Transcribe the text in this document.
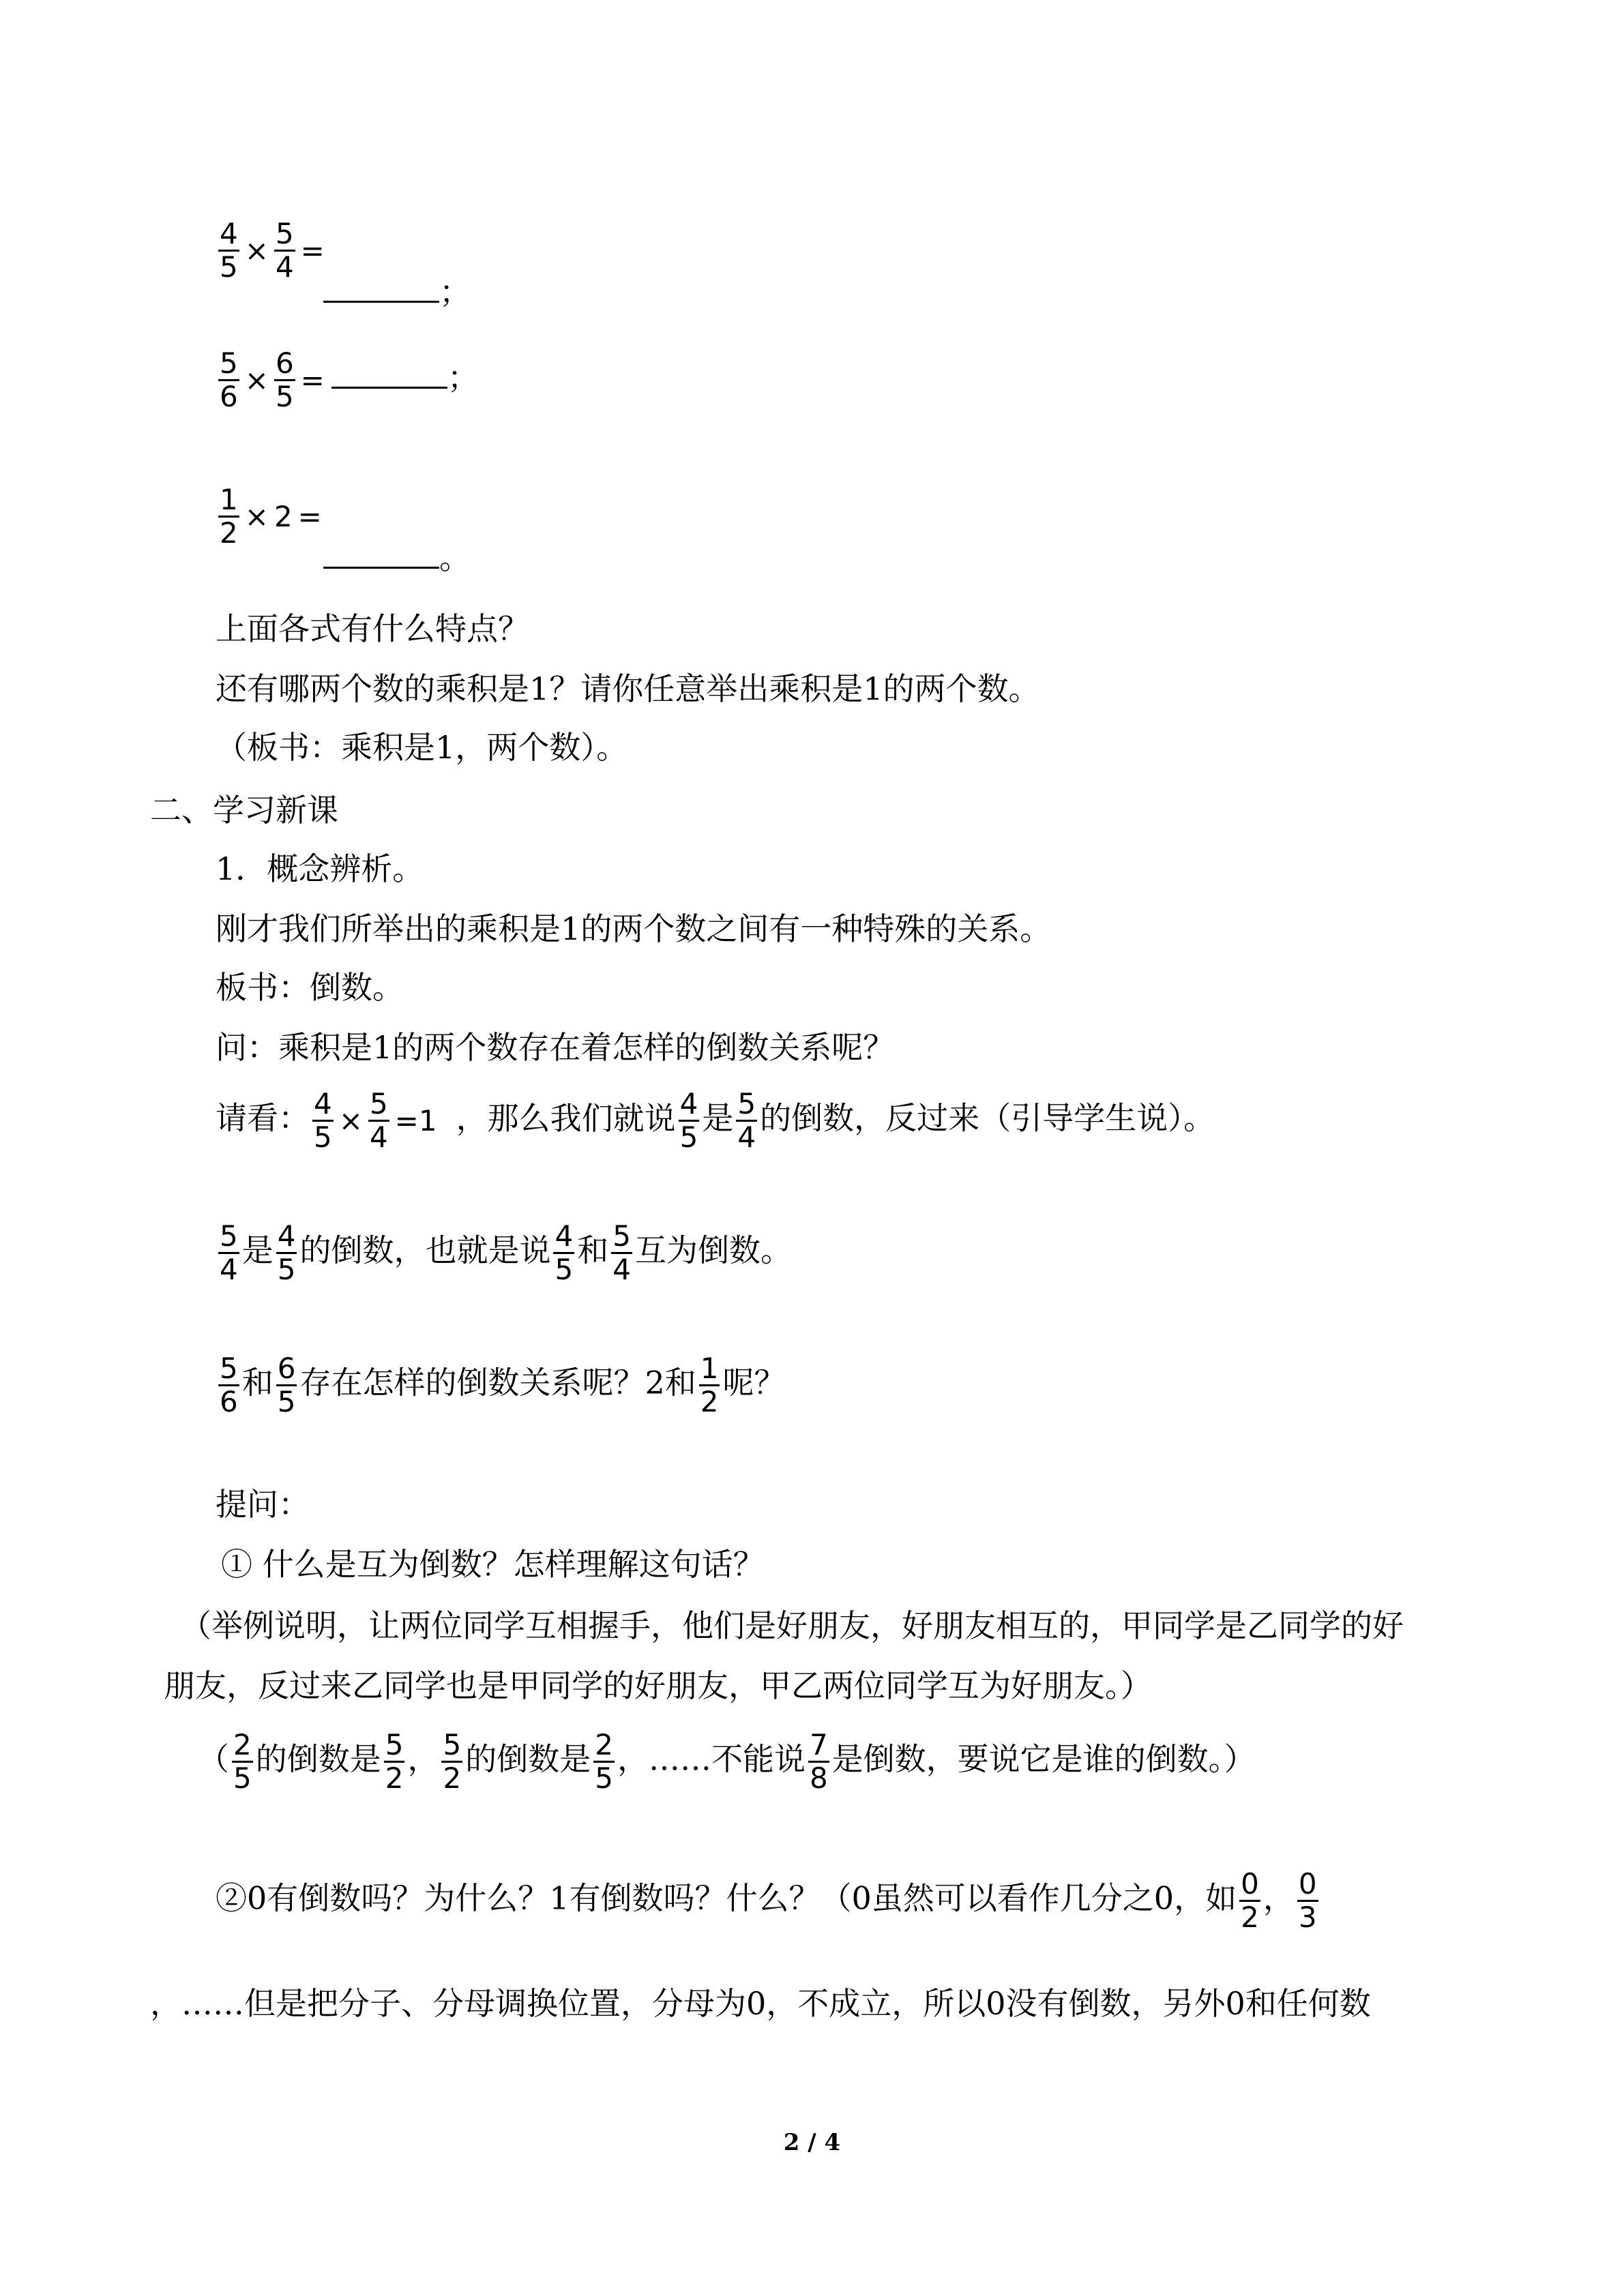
$\frac{4}{5} \times \frac{5}{4}$ =
；
$\frac{5}{6} \times \frac{6}{5}$ =	；
$\frac{1}{2} \times 2$ =
。
上面各式有什么特点？
还有哪两个数的乘积是1？请你任意举出乘积是1的两个数。
（板书：乘积是1，两个数）。
二、学习新课
1．概念辨析。
刚才我们所举出的乘积是1的两个数之间有一种特殊的关系。
板书：倒数。
问：乘积是1的两个数存在着怎样的倒数关系呢？
请看： $\frac{4}{5} \times \frac{5}{4} =1$ ，那么我们就说 $\frac{4}{5}$ 是 $\frac{5}{4}$ 的倒数，反过来（引导学生说）。
$\frac{5}{4}$ 是 $\frac{4}{5}$ 的倒数，也就是说 $\frac{4}{5}$ 和 $\frac{5}{4}$ 互为倒数。
$\frac{5}{6}$ 和 $\frac{6}{5}$ 存在怎样的倒数关系呢？2和 $\frac{1}{2}$ 呢？
提问：
① 什么是互为倒数？怎样理解这句话？
（举例说明，让两位同学互相握手，他们是好朋友，好朋友相互的，甲同学是乙同学的好
朋友，反过来乙同学也是甲同学的好朋友，甲乙两位同学互为好朋友。）
（ $\frac{2}{5}$ 的倒数是 $\frac{5}{2}$ ， $\frac{5}{2}$ 的倒数是 $\frac{2}{5}$ ，……不能说 $\frac{7}{8}$ 是倒数，要说它是谁的倒数。）
②0有倒数吗？为什么？1有倒数吗？什么？（0虽然可以看作几分之0，如 $\frac{0}{2}$ ， $\frac{0}{3}$
，……但是把分子、分母调换位置，分母为0，不成立，所以0没有倒数，另外0和任何数
2 / 4
